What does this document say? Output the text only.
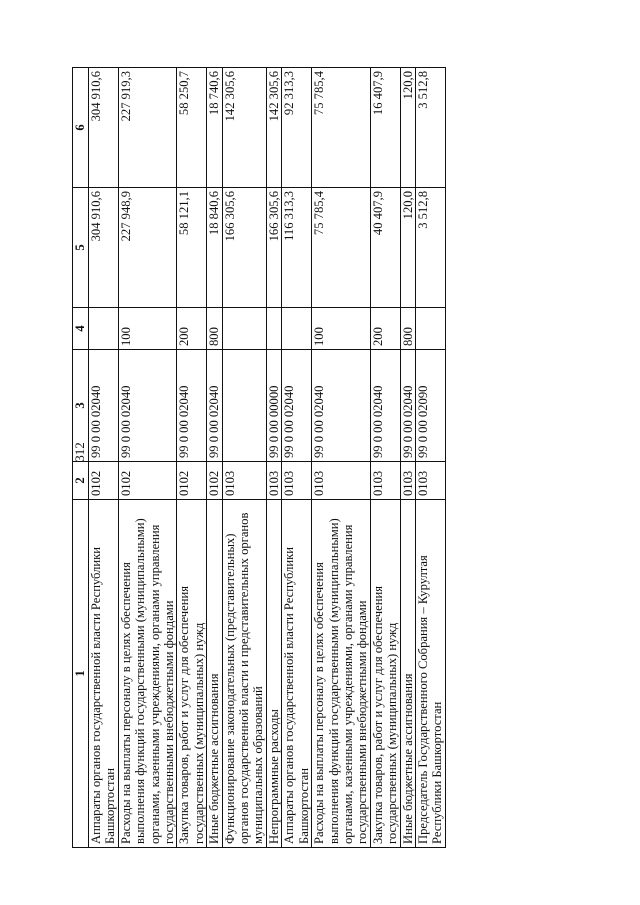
312
1	2	3	4	5	6
Аппараты органов государственной власти Республики Башкортостан	0102	99 0 00 02040		304 910,6	304 910,6
Расходы на выплаты персоналу в целях обеспечения выполнения функций государственными (муниципальными) органами, казенными учреждениями, органами управления государственными внебюджетными фондами	0102	99 0 00 02040	100	227 948,9	227 919,3
Закупка товаров, работ и услуг для обеспечения государственных (муниципальных) нужд	0102	99 0 00 02040	200	58 121,1	58 250,7
Иные бюджетные ассигнования	0102	99 0 00 02040	800	18 840,6	18 740,6
Функционирование законодательных (представительных) органов государственной власти и представительных органов муниципальных образований	0103			166 305,6	142 305,6
Непрограммные расходы	0103	99 0 00 00000		166 305,6	142 305,6
Аппараты органов государственной власти Республики Башкортостан	0103	99 0 00 02040		116 313,3	92 313,3
Расходы на выплаты персоналу в целях обеспечения выполнения функций государственными (муниципальными) органами, казенными учреждениями, органами управления государственными внебюджетными фондами	0103	99 0 00 02040	100	75 785,4	75 785,4
Закупка товаров, работ и услуг для обеспечения государственных (муниципальных) нужд	0103	99 0 00 02040	200	40 407,9	16 407,9
Иные бюджетные ассигнования	0103	99 0 00 02040	800	120,0	120,0
Председатель Государственного Собрания – Курултая Республики Башкортостан	0103	99 0 00 02090		3 512,8	3 512,8
